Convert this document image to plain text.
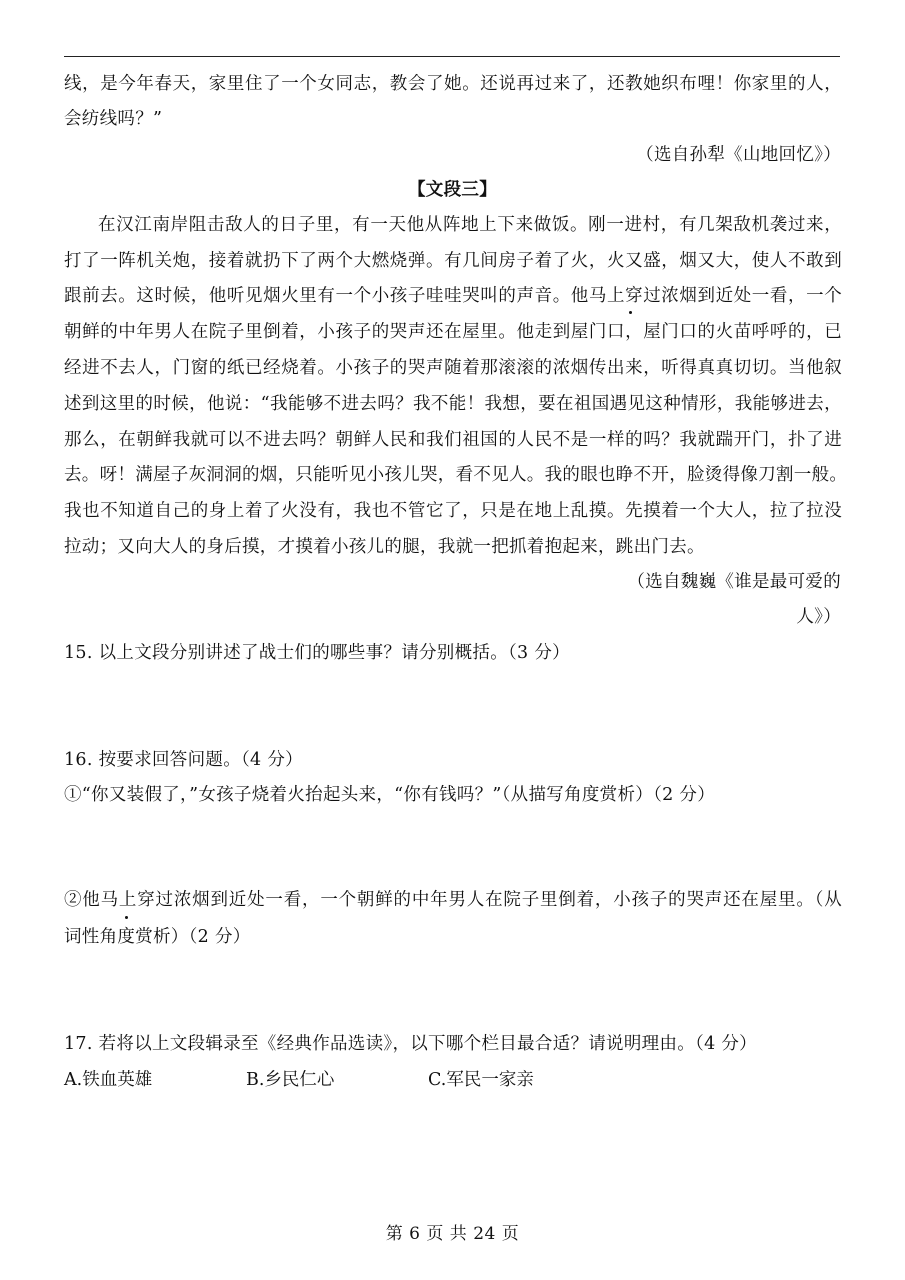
线，是今年春天，家里住了一个女同志，教会了她。还说再过来了，还教她织布哩！你家里的人，
会纺线吗？”
（选自孙犁《山地回忆》）
【文段三】
在汉江南岸阻击敌人的日子里，有一天他从阵地上下来做饭。刚一进村，有几架敌机袭过来，
打了一阵机关炮，接着就扔下了两个大燃烧弹。有几间房子着了火，火又盛，烟又大，使人不敢到
跟前去。这时候，他听见烟火里有一个小孩子哇哇哭叫的声音。他马上穿过浓烟到近处一看，一个
朝鲜的中年男人在院子里倒着，小孩子的哭声还在屋里。他走到屋门口，屋门口的火苗呼呼的，已
经进不去人，门窗的纸已经烧着。小孩子的哭声随着那滚滚的浓烟传出来，听得真真切切。当他叙
述到这里的时候，他说：“我能够不进去吗？我不能！我想，要在祖国遇见这种情形，我能够进去，
那么，在朝鲜我就可以不进去吗？朝鲜人民和我们祖国的人民不是一样的吗？我就踹开门，扑了进
去。呀！满屋子灰洞洞的烟，只能听见小孩儿哭，看不见人。我的眼也睁不开，脸烫得像刀割一般。
我也不知道自己的身上着了火没有，我也不管它了，只是在地上乱摸。先摸着一个大人，拉了拉没
拉动；又向大人的身后摸，才摸着小孩儿的腿，我就一把抓着抱起来，跳出门去。
（选自魏巍《谁是最可爱的
人》）
15. 以上文段分别讲述了战士们的哪些事？请分别概括。（3 分）
16. 按要求回答问题。（4 分）
①“你又装假了，”女孩子烧着火抬起头来，“你有钱吗？”（从描写角度赏析）（2 分）
②他马上穿过浓烟到近处一看，一个朝鲜的中年男人在院子里倒着，小孩子的哭声还在屋里。（从
词性角度赏析）（2 分）
17. 若将以上文段辑录至《经典作品选读》，以下哪个栏目最合适？请说明理由。（4 分）
A.铁血英雄	B.乡民仁心	C.军民一家亲
第 6 页 共 24 页
